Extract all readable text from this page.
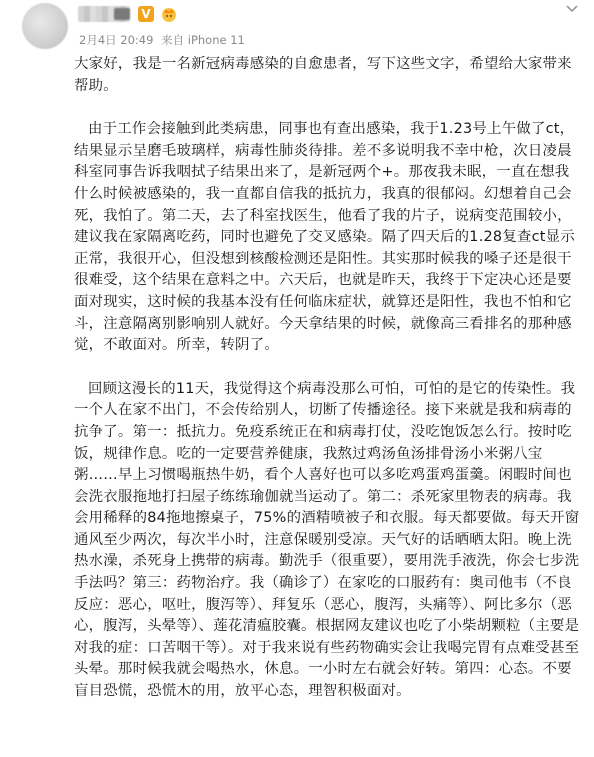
V
2月4日 20:49 来自 iPhone 11

大家好，我是一名新冠病毒感染的自愈患者，写下这些文字，希望给大家带来帮助。

由于工作会接触到此类病患，同事也有查出感染，我于1.23号上午做了ct，结果显示呈磨毛玻璃样，病毒性肺炎待排。差不多说明我不幸中枪，次日凌晨科室同事告诉我咽拭子结果出来了，是新冠两个+。那夜我未眠，一直在想我什么时候被感染的，我一直都自信我的抵抗力，我真的很郁闷。幻想着自己会死，我怕了。第二天，去了科室找医生，他看了我的片子，说病变范围较小，建议我在家隔离吃药，同时也避免了交叉感染。隔了四天后的1.28复查ct显示正常，我很开心，但没想到核酸检测还是阳性。其实那时候我的嗓子还是很干很难受，这个结果在意料之中。六天后，也就是昨天，我终于下定决心还是要面对现实，这时候的我基本没有任何临床症状，就算还是阳性，我也不怕和它斗，注意隔离别影响别人就好。今天拿结果的时候，就像高三看排名的那种感觉，不敢面对。所幸，转阴了。

回顾这漫长的11天，我觉得这个病毒没那么可怕，可怕的是它的传染性。我一个人在家不出门，不会传给别人，切断了传播途径。接下来就是我和病毒的抗争了。第一：抵抗力。免疫系统正在和病毒打仗，没吃饱饭怎么行。按时吃饭，规律作息。吃的一定要营养健康，我熬过鸡汤鱼汤排骨汤小米粥八宝粥……早上习惯喝瓶热牛奶，看个人喜好也可以多吃鸡蛋鸡蛋羹。闲暇时间也会洗衣服拖地打扫屋子练练瑜伽就当运动了。第二：杀死家里物表的病毒。我会用稀释的84拖地擦桌子，75%的酒精喷被子和衣服。每天都要做。每天开窗通风至少两次，每次半小时，注意保暖别受凉。天气好的话晒晒太阳。晚上洗热水澡，杀死身上携带的病毒。勤洗手（很重要），要用洗手液洗，你会七步洗手法吗？第三：药物治疗。我（确诊了）在家吃的口服药有：奥司他韦（不良反应：恶心，呕吐，腹泻等）、拜复乐（恶心，腹泻，头痛等）、阿比多尔（恶心，腹泻，头晕等）、莲花清瘟胶囊。根据网友建议也吃了小柴胡颗粒（主要是对我的症：口苦咽干等）。对于我来说有些药物确实会让我喝完胃有点难受甚至头晕。那时候我就会喝热水，休息。一小时左右就会好转。第四：心态。不要盲目恐慌，恐慌木的用，放平心态，理智积极面对。
